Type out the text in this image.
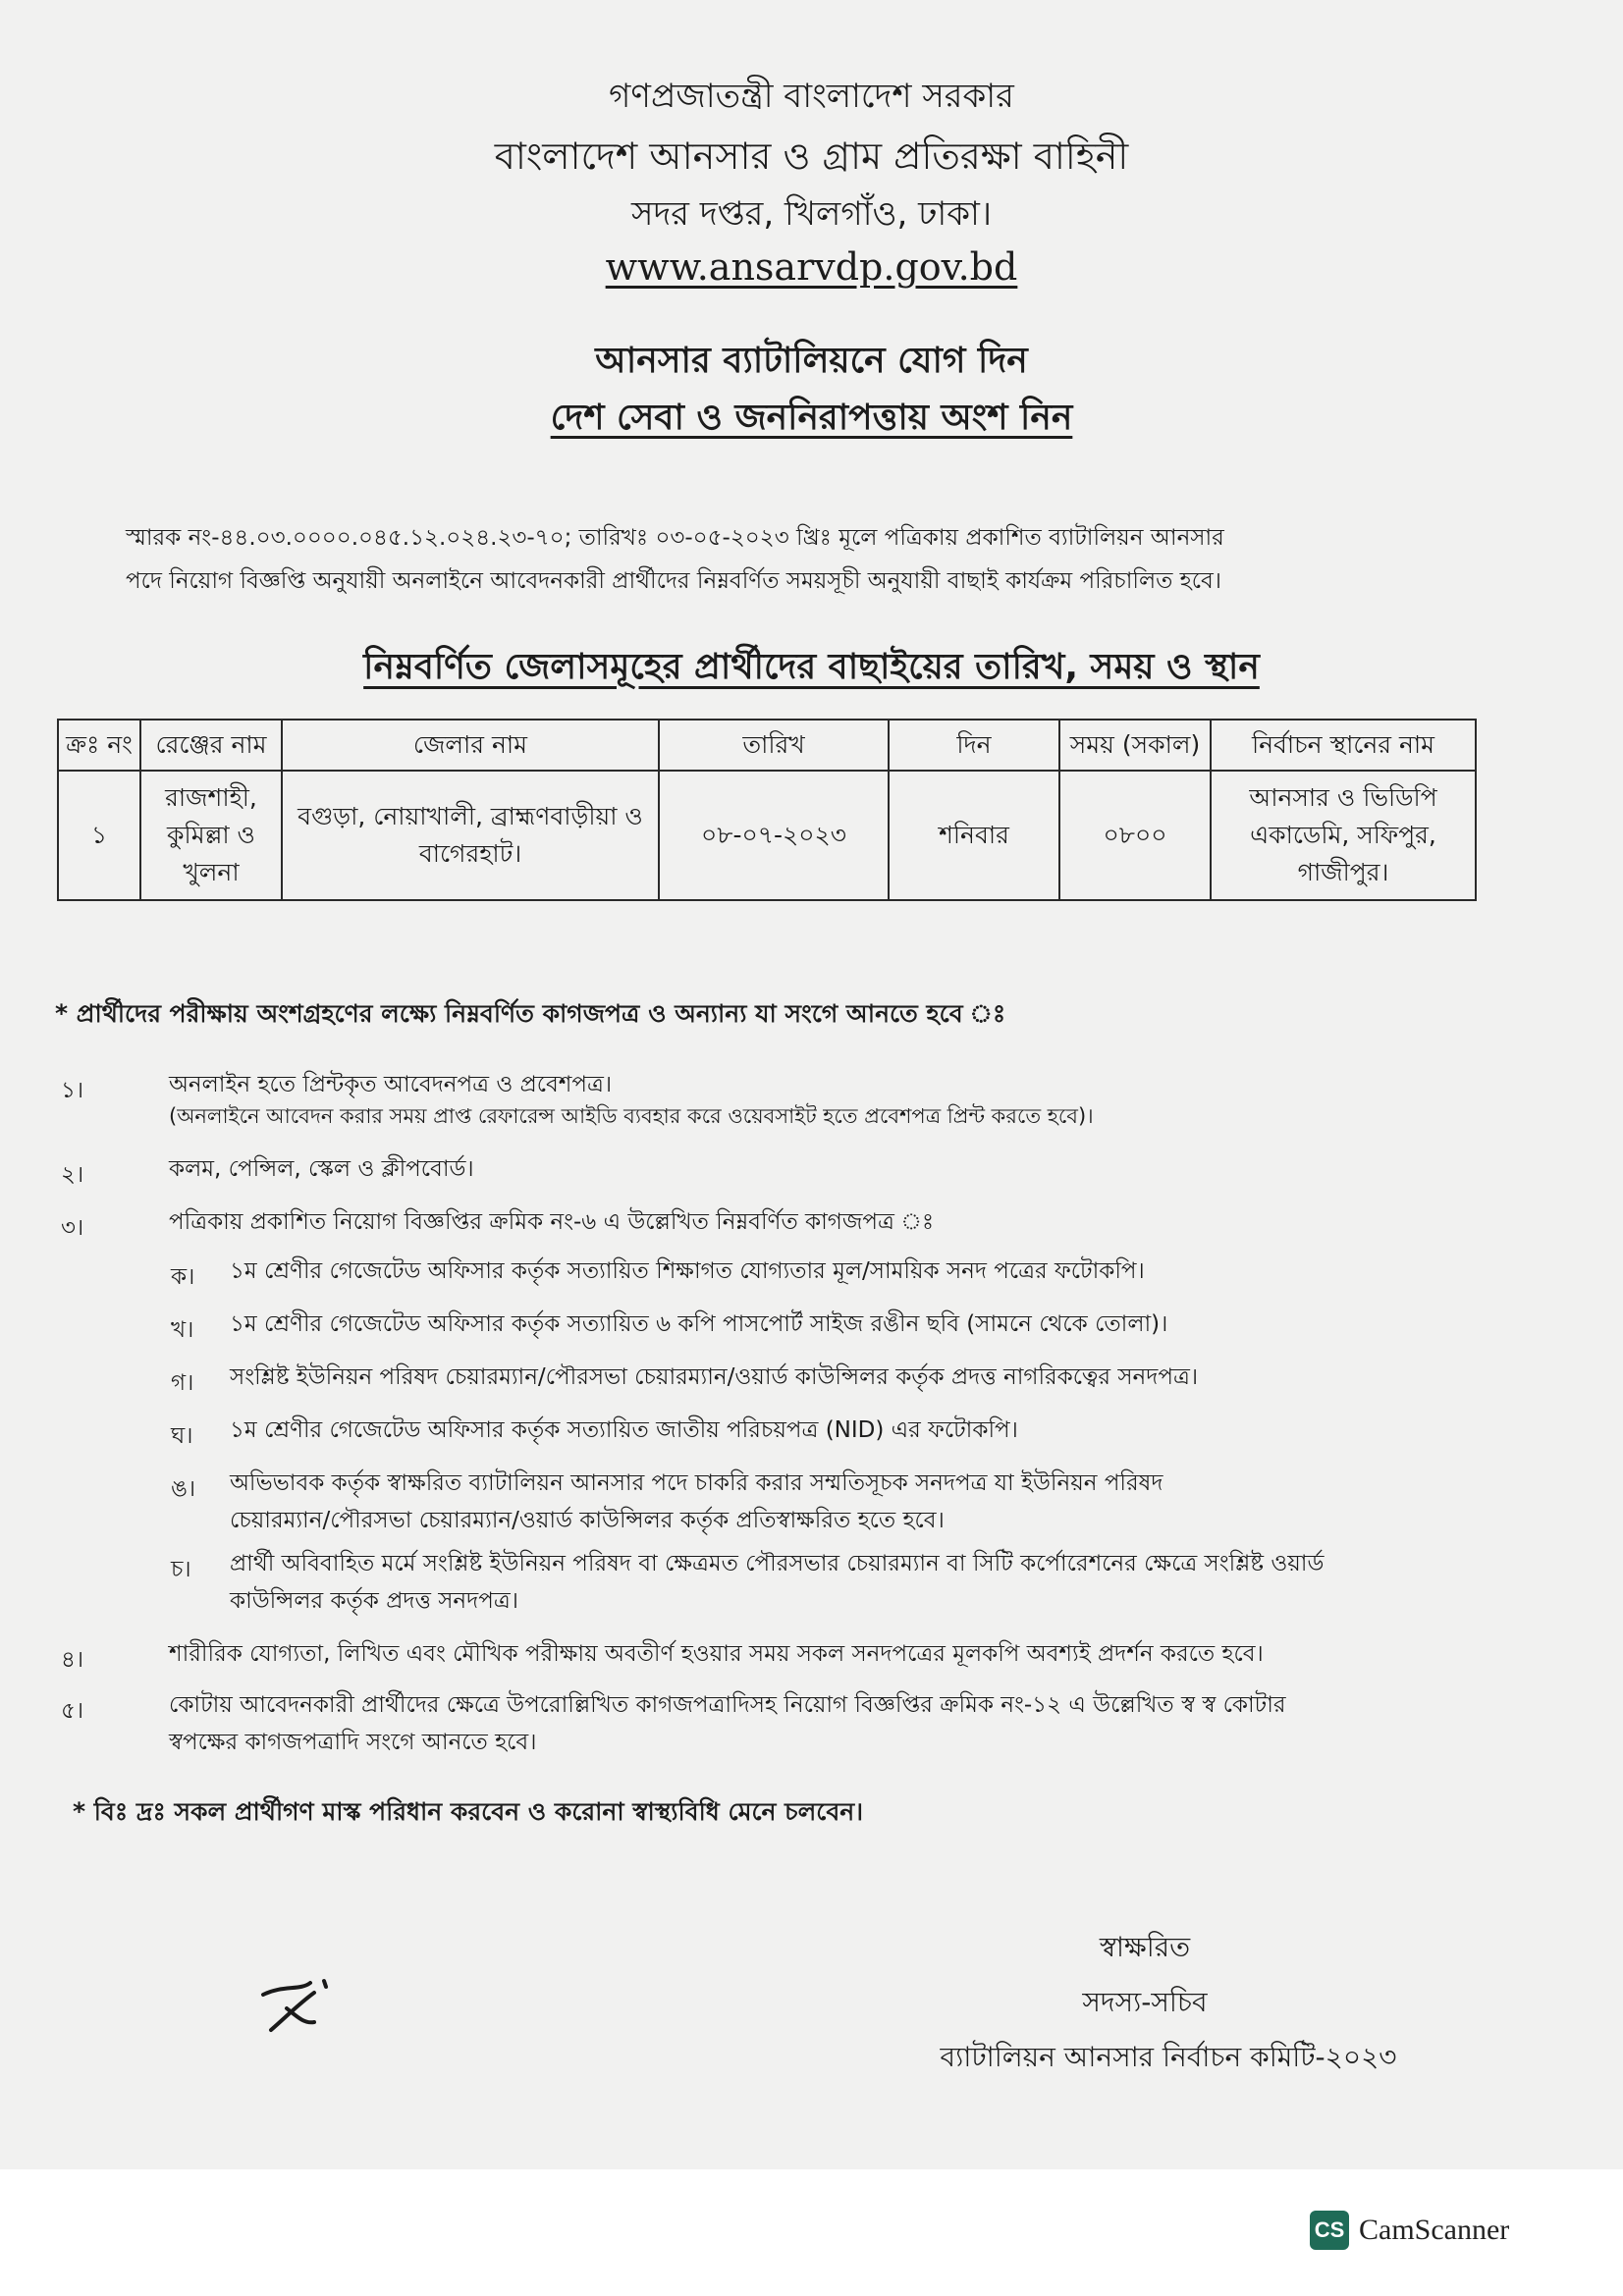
গণপ্রজাতন্ত্রী বাংলাদেশ সরকার
বাংলাদেশ আনসার ও গ্রাম প্রতিরক্ষা বাহিনী
সদর দপ্তর, খিলগাঁও, ঢাকা।
www.ansarvdp.gov.bd
আনসার ব্যাটালিয়নে যোগ দিন
দেশ সেবা ও জননিরাপত্তায় অংশ নিন
স্মারক নং-৪৪.০৩.০০০০.০৪৫.১২.০২৪.২৩-৭০; তারিখঃ ০৩-০৫-২০২৩ খ্রিঃ মূলে পত্রিকায় প্রকাশিত ব্যাটালিয়ন আনসার
পদে নিয়োগ বিজ্ঞপ্তি অনুযায়ী অনলাইনে আবেদনকারী প্রার্থীদের নিম্নবর্ণিত সময়সূচী অনুযায়ী বাছাই কার্যক্রম পরিচালিত হবে।
নিম্নবর্ণিত জেলাসমূহের প্রার্থীদের বাছাইয়ের তারিখ, সময় ও স্থান
ক্রঃ নং	রেঞ্জের নাম	জেলার নাম	তারিখ	দিন	সময় (সকাল)	নির্বাচন স্থানের নাম
১	রাজশাহী, কুমিল্লা ও খুলনা	বগুড়া, নোয়াখালী, ব্রাহ্মণবাড়ীয়া ও বাগেরহাট।	০৮-০৭-২০২৩	শনিবার	০৮০০	আনসার ও ভিডিপি একাডেমি, সফিপুর, গাজীপুর।
* প্রার্থীদের পরীক্ষায় অংশগ্রহণের লক্ষ্যে নিম্নবর্ণিত কাগজপত্র ও অন্যান্য যা সংগে আনতে হবে ঃ
১।	অনলাইন হতে প্রিন্টকৃত আবেদনপত্র ও প্রবেশপত্র।
(অনলাইনে আবেদন করার সময় প্রাপ্ত রেফারেন্স আইডি ব্যবহার করে ওয়েবসাইট হতে প্রবেশপত্র প্রিন্ট করতে হবে)।
২।	কলম, পেন্সিল, স্কেল ও ক্লীপবোর্ড।
৩।	পত্রিকায় প্রকাশিত নিয়োগ বিজ্ঞপ্তির ক্রমিক নং-৬ এ উল্লেখিত নিম্নবর্ণিত কাগজপত্র ঃ
ক। ১ম শ্রেণীর গেজেটেড অফিসার কর্তৃক সত্যায়িত শিক্ষাগত যোগ্যতার মূল/সাময়িক সনদ পত্রের ফটোকপি।
খ। ১ম শ্রেণীর গেজেটেড অফিসার কর্তৃক সত্যায়িত ৬ কপি পাসপোর্ট সাইজ রঙীন ছবি (সামনে থেকে তোলা)।
গ। সংশ্লিষ্ট ইউনিয়ন পরিষদ চেয়ারম্যান/পৌরসভা চেয়ারম্যান/ওয়ার্ড কাউন্সিলর কর্তৃক প্রদত্ত নাগরিকত্বের সনদপত্র।
ঘ। ১ম শ্রেণীর গেজেটেড অফিসার কর্তৃক সত্যায়িত জাতীয় পরিচয়পত্র (NID) এর ফটোকপি।
ঙ। অভিভাবক কর্তৃক স্বাক্ষরিত ব্যাটালিয়ন আনসার পদে চাকরি করার সম্মতিসূচক সনদপত্র যা ইউনিয়ন পরিষদ
চেয়ারম্যান/পৌরসভা চেয়ারম্যান/ওয়ার্ড কাউন্সিলর কর্তৃক প্রতিস্বাক্ষরিত হতে হবে।
চ। প্রার্থী অবিবাহিত মর্মে সংশ্লিষ্ট ইউনিয়ন পরিষদ বা ক্ষেত্রমত পৌরসভার চেয়ারম্যান বা সিটি কর্পোরেশনের ক্ষেত্রে সংশ্লিষ্ট ওয়ার্ড
কাউন্সিলর কর্তৃক প্রদত্ত সনদপত্র।
৪।	শারীরিক যোগ্যতা, লিখিত এবং মৌখিক পরীক্ষায় অবতীর্ণ হওয়ার সময় সকল সনদপত্রের মূলকপি অবশ্যই প্রদর্শন করতে হবে।
৫।	কোটায় আবেদনকারী প্রার্থীদের ক্ষেত্রে উপরোল্লিখিত কাগজপত্রাদিসহ নিয়োগ বিজ্ঞপ্তির ক্রমিক নং-১২ এ উল্লেখিত স্ব স্ব কোটার
স্বপক্ষের কাগজপত্রাদি সংগে আনতে হবে।
* বিঃ দ্রঃ সকল প্রার্থীগণ মাস্ক পরিধান করবেন ও করোনা স্বাস্থ্যবিধি মেনে চলবেন।
স্বাক্ষরিত
সদস্য-সচিব
ব্যাটালিয়ন আনসার নির্বাচন কমিটি-২০২৩
CS CamScanner
